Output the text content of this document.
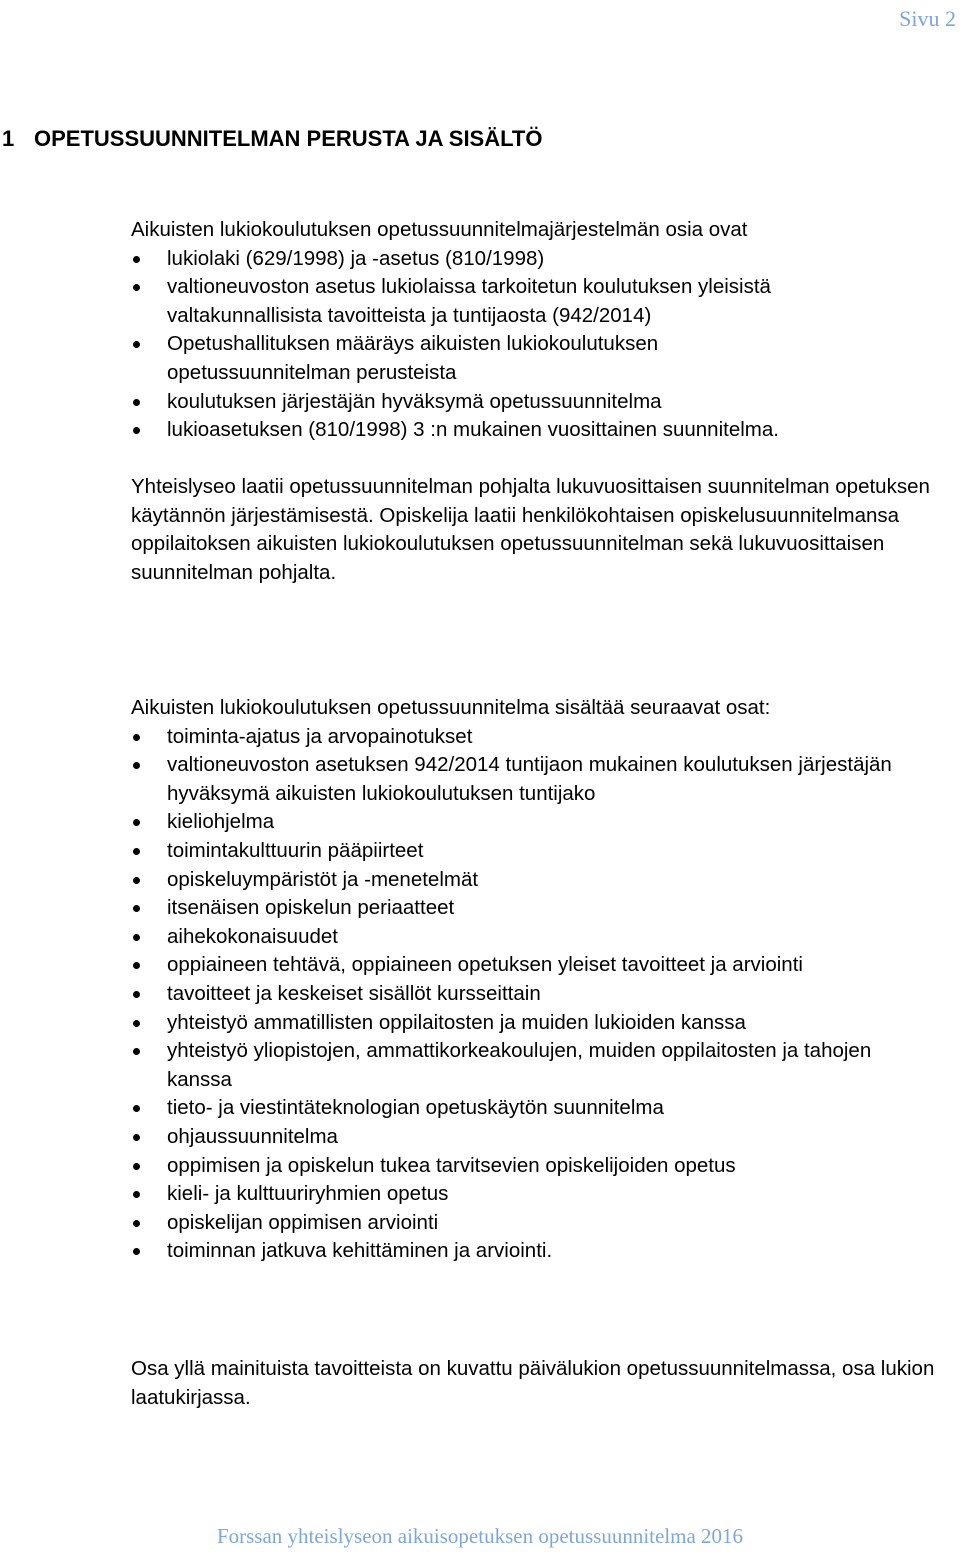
Sivu 2
1 OPETUSSUUNNITELMAN PERUSTA JA SISÄLTÖ

Aikuisten lukiokoulutuksen opetussuunnitelmajärjestelmän osia ovat

lukiolaki (629/1998) ja -asetus (810/1998)
valtioneuvoston asetus lukiolaissa tarkoitetun koulutuksen yleisistä valtakunnallisista tavoitteista ja tuntijaosta (942/2014)
Opetushallituksen määräys aikuisten lukiokoulutuksen opetussuunnitelman perusteista
koulutuksen järjestäjän hyväksymä opetussuunnitelma
lukioasetuksen (810/1998) 3 :n mukainen vuosittainen suunnitelma.

Yhteislyseo laatii opetussuunnitelman pohjalta lukuvuosittaisen suunnitelman opetuksen käytännön järjestämisestä. Opiskelija laatii henkilökohtaisen opiskelusuunnitelmansa oppilaitoksen aikuisten lukiokoulutuksen opetussuunnitelman sekä lukuvuosittaisen suunnitelman pohjalta.

Aikuisten lukiokoulutuksen opetussuunnitelma sisältää seuraavat osat:

toiminta-ajatus ja arvopainotukset
valtioneuvoston asetuksen 942/2014 tuntijaon mukainen koulutuksen järjestäjän hyväksymä aikuisten lukiokoulutuksen tuntijako
kieliohjelma
toimintakulttuurin pääpiirteet
opiskeluympäristöt ja -menetelmät
itsenäisen opiskelun periaatteet
aihekokonaisuudet
oppiaineen tehtävä, oppiaineen opetuksen yleiset tavoitteet ja arviointi
tavoitteet ja keskeiset sisällöt kursseittain
yhteistyö ammatillisten oppilaitosten ja muiden lukioiden kanssa
yhteistyö yliopistojen, ammattikorkeakoulujen, muiden oppilaitosten ja tahojen kanssa
tieto- ja viestintäteknologian opetuskäytön suunnitelma
ohjaussuunnitelma
oppimisen ja opiskelun tukea tarvitsevien opiskelijoiden opetus
kieli- ja kulttuuriryhmien opetus
opiskelijan oppimisen arviointi
toiminnan jatkuva kehittäminen ja arviointi.

Osa yllä mainituista tavoitteista on kuvattu päivälukion opetussuunnitelmassa, osa lukion laatukirjassa.

Forssan yhteislyseon aikuisopetuksen opetussuunnitelma 2016
